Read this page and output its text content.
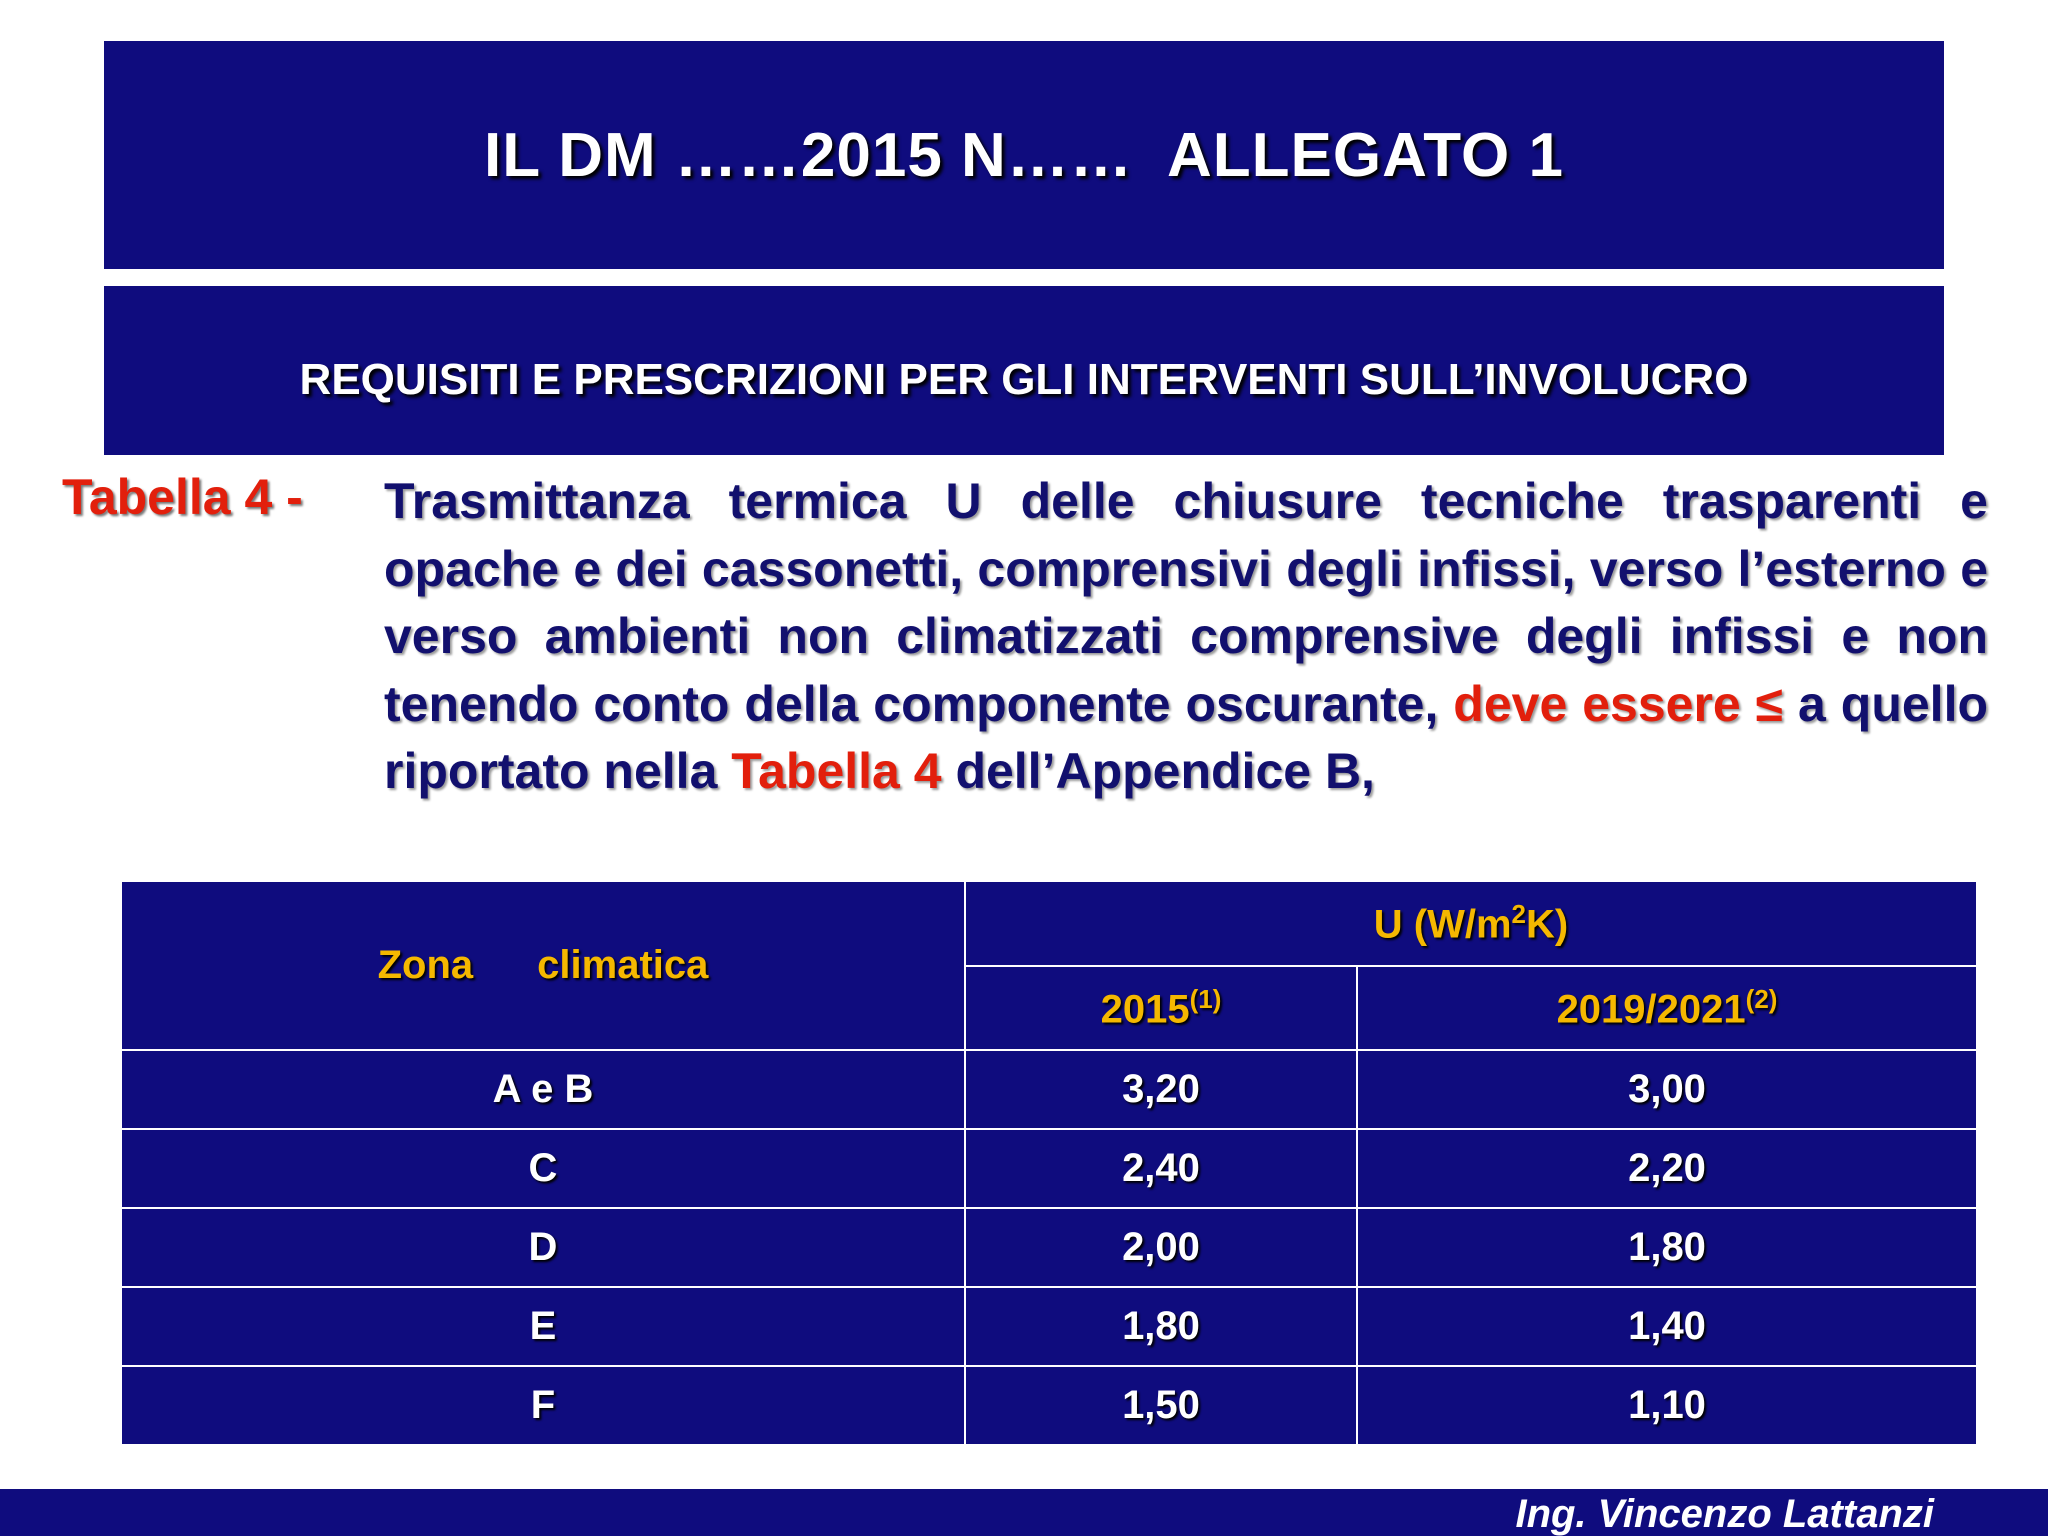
IL DM ……2015 N……  ALLEGATO 1
REQUISITI E PRESCRIZIONI PER GLI INTERVENTI SULL’INVOLUCRO
Tabella 4 - Trasmittanza termica U delle chiusure tecniche trasparenti e opache e dei cassonetti, comprensivi degli infissi, verso l’esterno e verso ambienti non climatizzati comprensive degli infissi e non tenendo conto della componente oscurante, deve essere ≤ a quello riportato nella Tabella 4 dell’Appendice B,
Zona climatica	U $(W/m^2K)$	
	2015$^{(1)}$	2019/2021$^{(2)}$
A e B	3,20	3,00
C	2,40	2,20
D	2,00	1,80
E	1,80	1,40
F	1,50	1,10
Ing. Vincenzo Lattanzi
